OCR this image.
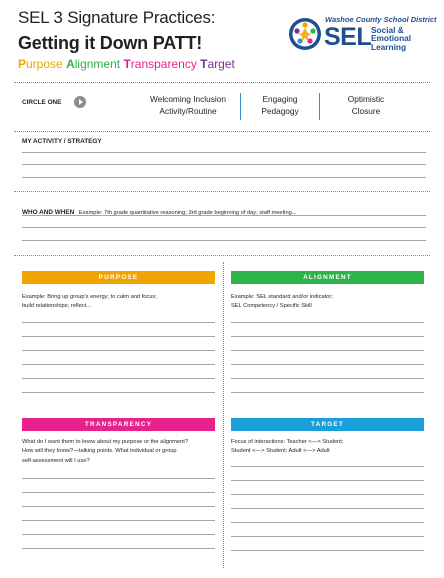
SEL 3 Signature Practices:
Getting it Down PATT!
Purpose Alignment Transparency Target
Washoe County School District
SEL Social &
Emotional
Learning
CIRCLE ONE	Welcoming Inclusion
Activity/Routine
Engaging
Pedagogy
Optimistic
Closure
MY ACTIVITY / STRATEGY
WHO AND WHEN Example: 7th grade quantitative reasoning; 3rd grade beginning of day; staff meeting...
PURPOSE
Example: Bring up group's energy; to calm and focus;
build relationships; reflect...
ALIGNMENT
Example: SEL standard and/or indicator;
SEL Competency / Specific Skill
TRANSPARENCY
What do I want them to know about my purpose or the alignment?
How will they know?—talking points. What individual or group
self-assessment will I use?
TARGET
Focus of interactions: Teacher <—> Student;
Student <—> Student; Adult <—> Adult
